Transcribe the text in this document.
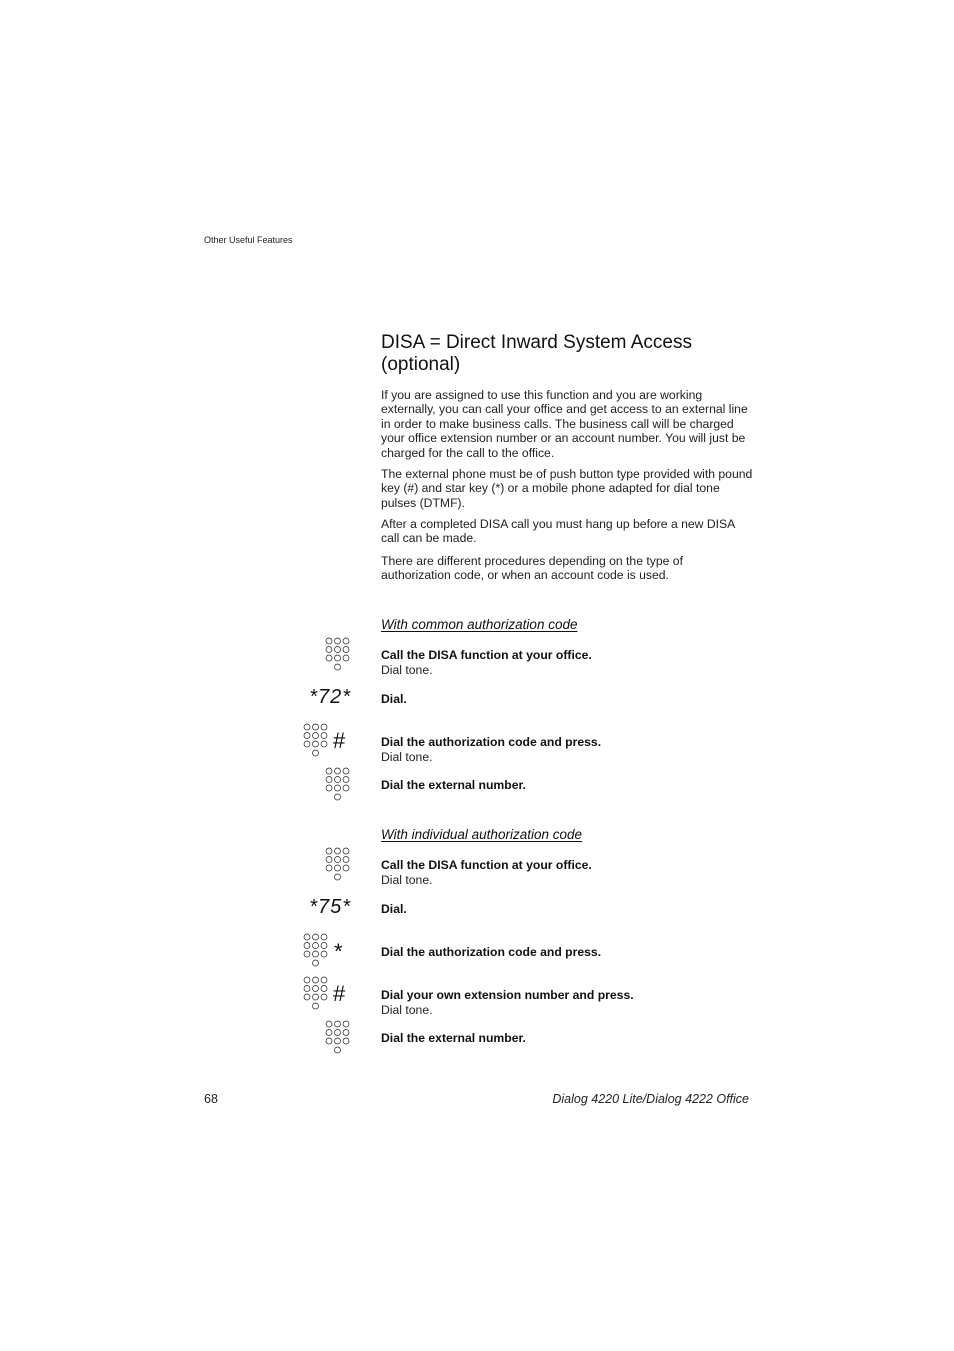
Other Useful Features
DISA = Direct Inward System Access (optional)

If you are assigned to use this function and you are working externally, you can call your office and get access to an external line in order to make business calls. The business call will be charged your office extension number or an account number. You will just be charged for the call to the office.

The external phone must be of push button type provided with pound key (#) and star key (*) or a mobile phone adapted for dial tone pulses (DTMF).

After a completed DISA call you must hang up before a new DISA call can be made.

There are different procedures depending on the type of authorization code, or when an account code is used.

With common authorization code
Call the DISA function at your office.
Dial tone.
*72* Dial.
#	Dial the authorization code and press.
Dial tone.
Dial the external number.
With individual authorization code
Call the DISA function at your office.
Dial tone.
*75* Dial.
*	Dial the authorization code and press.
#	Dial your own extension number and press.
Dial tone.
Dial the external number.
68	Dialog 4220 Lite/Dialog 4222 Office
